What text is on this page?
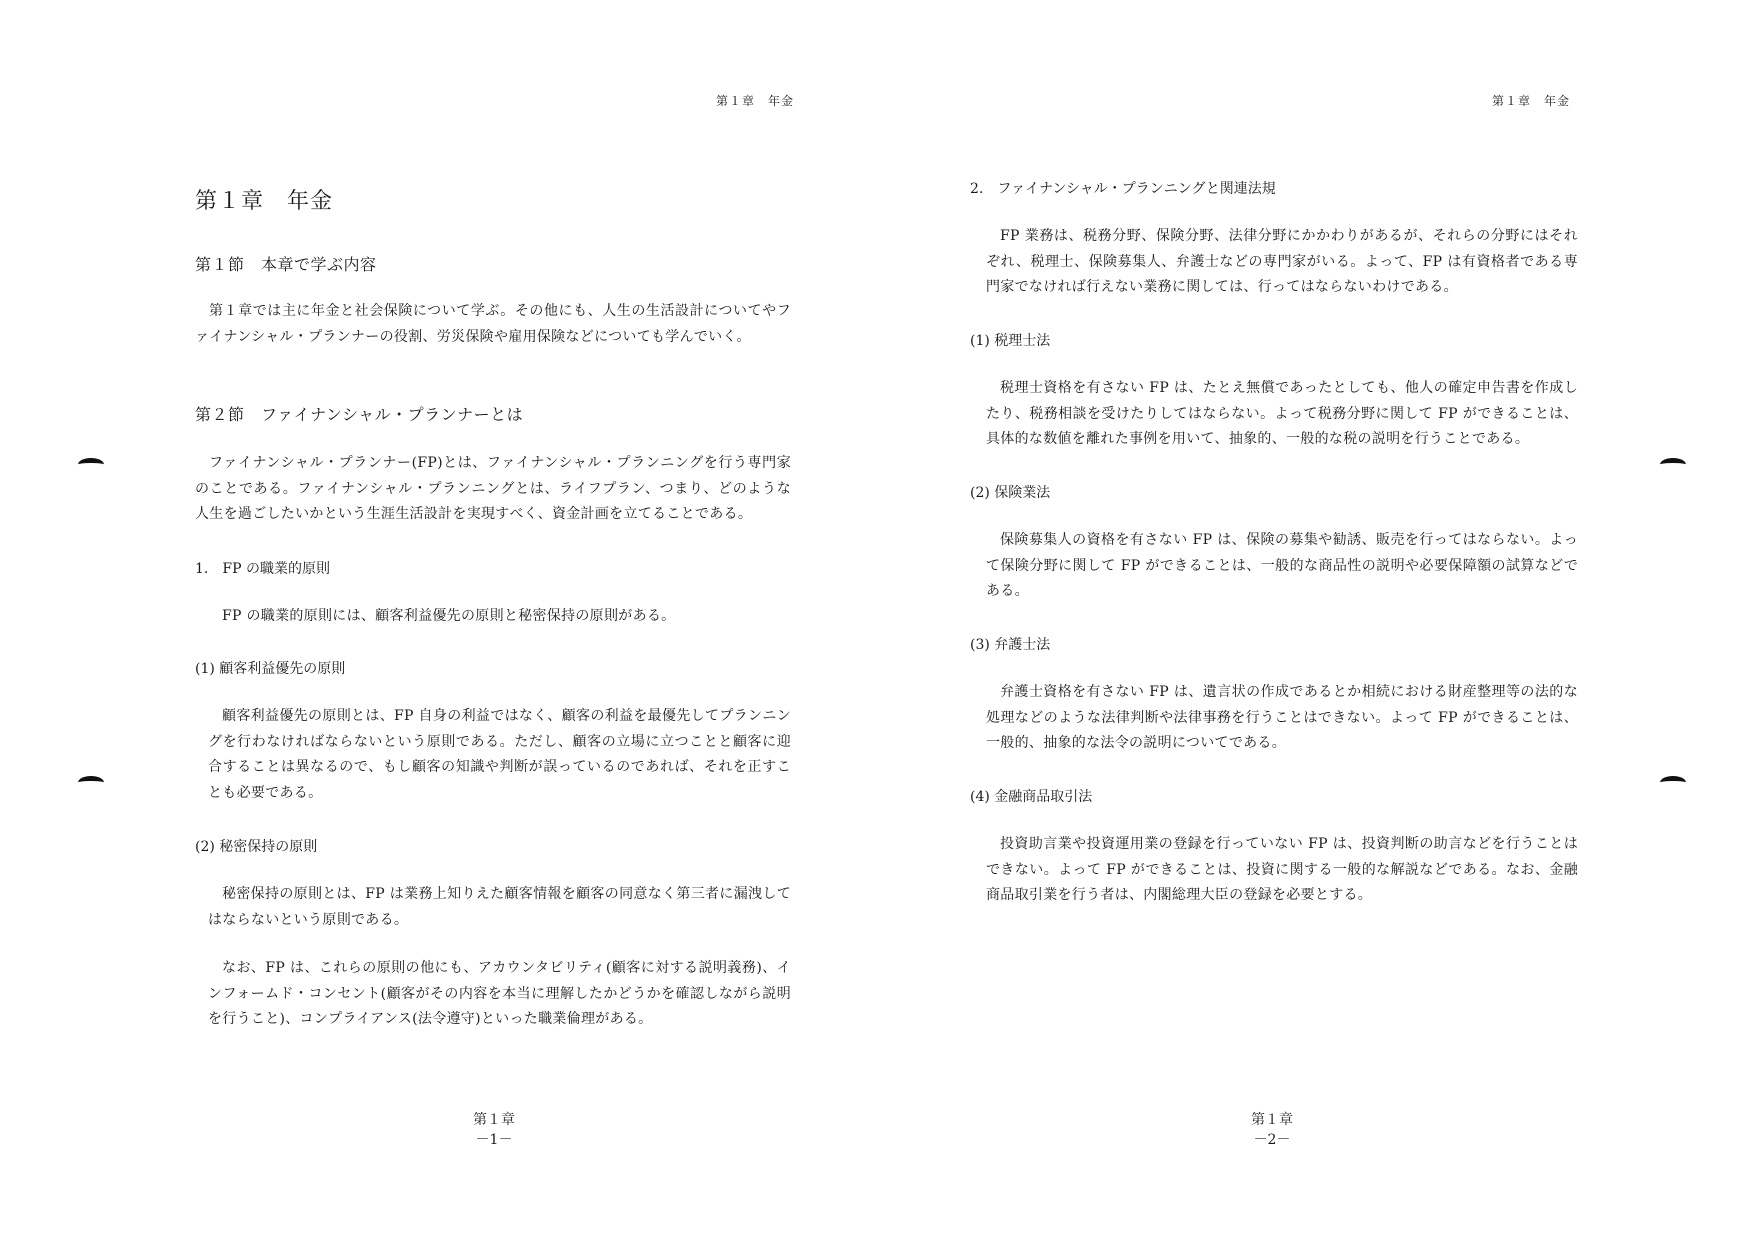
第１章　年金
第１章　年金
第１節　本章で学ぶ内容

第１章では主に年金と社会保険について学ぶ。その他にも、人生の生活設計についてやファイナンシャル・プランナーの役割、労災保険や雇用保険などについても学んでいく。

第２節　ファイナンシャル・プランナーとは

ファイナンシャル・プランナー(FP)とは、ファイナンシャル・プランニングを行う専門家のことである。ファイナンシャル・プランニングとは、ライフプラン、つまり、どのような人生を過ごしたいかという生涯生活設計を実現すべく、資金計画を立てることである。

1.　FP の職業的原則

FP の職業的原則には、顧客利益優先の原則と秘密保持の原則がある。

(1) 顧客利益優先の原則

顧客利益優先の原則とは、FP 自身の利益ではなく、顧客の利益を最優先してプランニングを行わなければならないという原則である。ただし、顧客の立場に立つことと顧客に迎合することは異なるので、もし顧客の知識や判断が誤っているのであれば、それを正すことも必要である。

(2) 秘密保持の原則

秘密保持の原則とは、FP は業務上知りえた顧客情報を顧客の同意なく第三者に漏洩してはならないという原則である。

なお、FP は、これらの原則の他にも、アカウンタビリティ(顧客に対する説明義務)、インフォームド・コンセント(顧客がその内容を本当に理解したかどうかを確認しながら説明を行うこと)、コンプライアンス(法令遵守)といった職業倫理がある。

第１章
－1－
第１章　年金
2.　ファイナンシャル・プランニングと関連法規

FP 業務は、税務分野、保険分野、法律分野にかかわりがあるが、それらの分野にはそれぞれ、税理士、保険募集人、弁護士などの専門家がいる。よって、FP は有資格者である専門家でなければ行えない業務に関しては、行ってはならないわけである。

(1) 税理士法

税理士資格を有さない FP は、たとえ無償であったとしても、他人の確定申告書を作成したり、税務相談を受けたりしてはならない。よって税務分野に関して FP ができることは、具体的な数値を離れた事例を用いて、抽象的、一般的な税の説明を行うことである。

(2) 保険業法

保険募集人の資格を有さない FP は、保険の募集や勧誘、販売を行ってはならない。よって保険分野に関して FP ができることは、一般的な商品性の説明や必要保障額の試算などである。

(3) 弁護士法

弁護士資格を有さない FP は、遺言状の作成であるとか相続における財産整理等の法的な処理などのような法律判断や法律事務を行うことはできない。よって FP ができることは、一般的、抽象的な法令の説明についてである。

(4) 金融商品取引法

投資助言業や投資運用業の登録を行っていない FP は、投資判断の助言などを行うことはできない。よって FP ができることは、投資に関する一般的な解説などである。なお、金融商品取引業を行う者は、内閣総理大臣の登録を必要とする。

第１章
－2－
